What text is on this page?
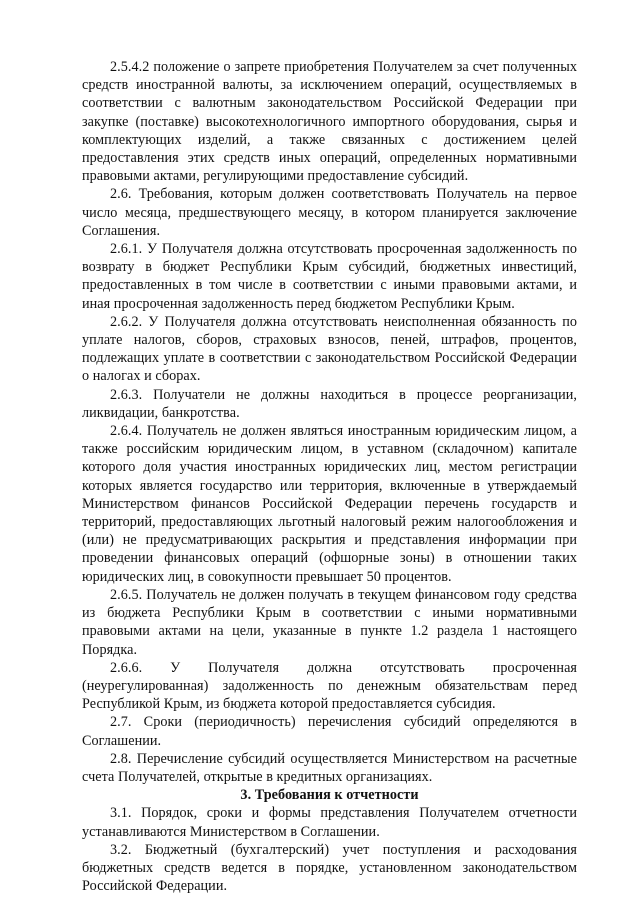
2.5.4.2 положение о запрете приобретения Получателем за счет полученных средств иностранной валюты, за исключением операций, осуществляемых в соответствии с валютным законодательством Российской Федерации при закупке (поставке) высокотехнологичного импортного оборудования, сырья и комплектующих изделий, а также связанных с достижением целей предоставления этих средств иных операций, определенных нормативными правовыми актами, регулирующими предоставление субсидий.

2.6. Требования, которым должен соответствовать Получатель на первое число месяца, предшествующего месяцу, в котором планируется заключение Соглашения.

2.6.1. У Получателя должна отсутствовать просроченная задолженность по возврату в бюджет Республики Крым субсидий, бюджетных инвестиций, предоставленных в том числе в соответствии с иными правовыми актами, и иная просроченная задолженность перед бюджетом Республики Крым.

2.6.2. У Получателя должна отсутствовать неисполненная обязанность по уплате налогов, сборов, страховых взносов, пеней, штрафов, процентов, подлежащих уплате в соответствии с законодательством Российской Федерации о налогах и сборах.

2.6.3. Получатели не должны находиться в процессе реорганизации, ликвидации, банкротства.

2.6.4. Получатель не должен являться иностранным юридическим лицом, а также российским юридическим лицом, в уставном (складочном) капитале которого доля участия иностранных юридических лиц, местом регистрации которых является государство или территория, включенные в утверждаемый Министерством финансов Российской Федерации перечень государств и территорий, предоставляющих льготный налоговый режим налогообложения и (или) не предусматривающих раскрытия и представления информации при проведении финансовых операций (офшорные зоны) в отношении таких юридических лиц, в совокупности превышает 50 процентов.

2.6.5. Получатель не должен получать в текущем финансовом году средства из бюджета Республики Крым в соответствии с иными нормативными правовыми актами на цели, указанные в пункте 1.2 раздела 1 настоящего Порядка.

2.6.6. У Получателя должна отсутствовать просроченная (неурегулированная) задолженность по денежным обязательствам перед Республикой Крым, из бюджета которой предоставляется субсидия.

2.7. Сроки (периодичность) перечисления субсидий определяются в Соглашении.

2.8. Перечисление субсидий осуществляется Министерством на расчетные счета Получателей, открытые в кредитных организациях.

3. Требования к отчетности

3.1. Порядок, сроки и формы представления Получателем отчетности устанавливаются Министерством в Соглашении.

3.2. Бюджетный (бухгалтерский) учет поступления и расходования бюджетных средств ведется в порядке, установленном законодательством Российской Федерации.
